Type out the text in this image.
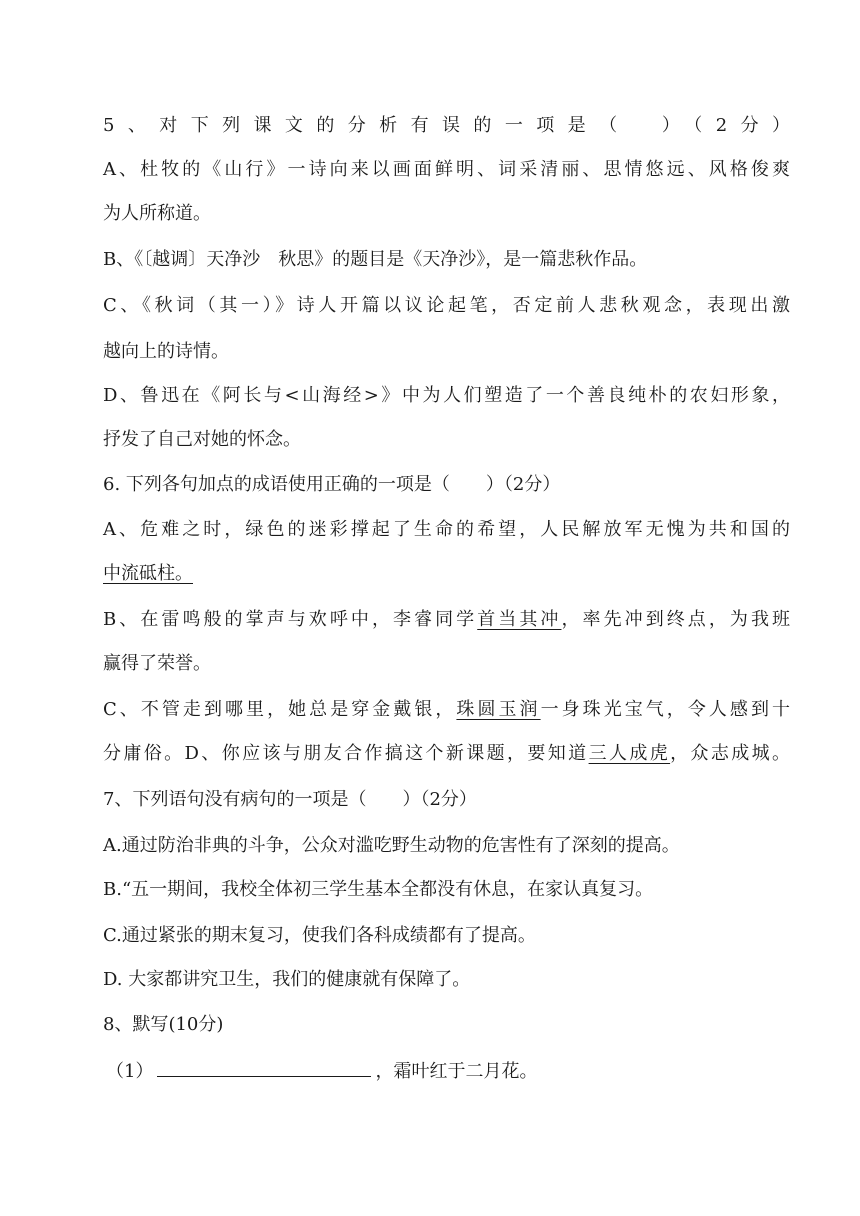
5、对下列课文的分析有误的一项是（　）（2分）
A、杜牧的《山行》一诗向来以画面鲜明、词采清丽、思情悠远、风格俊爽
为人所称道。
B、《〔越调〕天净沙　秋思》的题目是《天净沙》，是一篇悲秋作品。
C、《秋词（其一）》诗人开篇以议论起笔，否定前人悲秋观念，表现出激
越向上的诗情。
D、鲁迅在《阿长与<山海经>》中为人们塑造了一个善良纯朴的农妇形象，
抒发了自己对她的怀念。
6. 下列各句加点的成语使用正确的一项是（　　）（2分）
A、危难之时，绿色的迷彩撑起了生命的希望，人民解放军无愧为共和国的
中流砥柱。
B、在雷鸣般的掌声与欢呼中，李睿同学首当其冲，率先冲到终点，为我班
赢得了荣誉。
C、不管走到哪里，她总是穿金戴银，珠圆玉润一身珠光宝气，令人感到十
分庸俗。D、你应该与朋友合作搞这个新课题，要知道三人成虎，众志成城。
7、下列语句没有病句的一项是（　　）（2分）
A.通过防治非典的斗争，公众对滥吃野生动物的危害性有了深刻的提高。
B.“五一期间，我校全体初三学生基本全都没有休息，在家认真复习。
C.通过紧张的期末复习，使我们各科成绩都有了提高。
D. 大家都讲究卫生，我们的健康就有保障了。
8、默写(10分)
（1）	，霜叶红于二月花。
